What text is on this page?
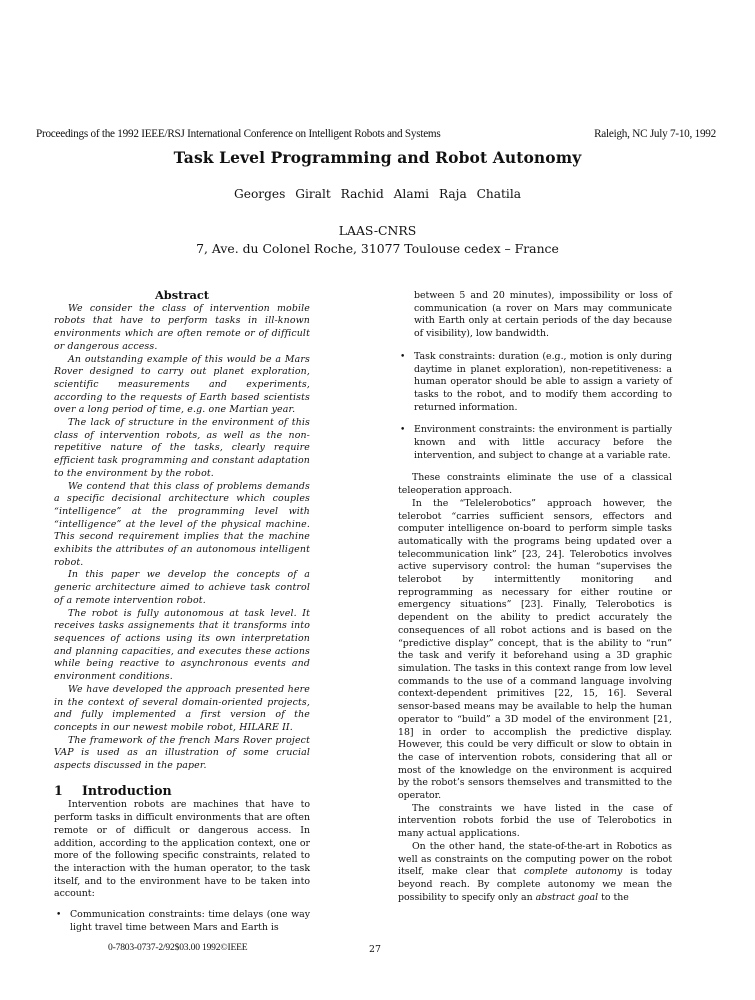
Proceedings of the 1992 IEEE/RSJ International Conference on Intelligent Robots and Systems	Raleigh, NC July 7-10, 1992
Task Level Programming and Robot Autonomy
Georges Giralt Rachid Alami Raja Chatila
LAAS-CNRS
7, Ave. du Colonel Roche, 31077 Toulouse cedex – France
Abstract

We consider the class of intervention mobile robots that have to perform tasks in ill-known environments which are often remote or of difficult or dangerous access.

An outstanding example of this would be a Mars Rover designed to carry out planet exploration, scientific measurements and experiments, according to the requests of Earth based scientists over a long period of time, e.g. one Martian year.

The lack of structure in the environment of this class of intervention robots, as well as the non-repetitive nature of the tasks, clearly require efficient task programming and constant adaptation to the environment by the robot.

We contend that this class of problems demands a specific decisional architecture which couples “intelligence” at the programming level with “intelligence” at the level of the physical machine. This second requirement implies that the machine exhibits the attributes of an autonomous intelligent robot.

In this paper we develop the concepts of a generic architecture aimed to achieve task control of a remote intervention robot.

The robot is fully autonomous at task level. It receives tasks assignements that it transforms into sequences of actions using its own interpretation and planning capacities, and executes these actions while being reactive to asynchronous events and environment conditions.

We have developed the approach presented here in the context of several domain-oriented projects, and fully implemented a first version of the concepts in our newest mobile robot, HILARE II.

The framework of the french Mars Rover project VAP is used as an illustration of some crucial aspects discussed in the paper.

1 Introduction

Intervention robots are machines that have to perform tasks in difficult environments that are often remote or of difficult or dangerous access. In addition, according to the application context, one or more of the following specific constraints, related to the interaction with the human operator, to the task itself, and to the environment have to be taken into account:

• Communication constraints: time delays (one way light travel time between Mars and Earth is
between 5 and 20 minutes), impossibility or loss of communication (a rover on Mars may communicate with Earth only at certain periods of the day because of visibility), low bandwidth.
• Task constraints: duration (e.g., motion is only during daytime in planet exploration), non-repetitiveness: a human operator should be able to assign a variety of tasks to the robot, and to modify them according to returned information.
• Environment constraints: the environment is partially known and with little accuracy before the intervention, and subject to change at a variable rate.

These constraints eliminate the use of a classical teleoperation approach.

In the “Telelerobotics” approach however, the telerobot “carries sufficient sensors, effectors and computer intelligence on-board to perform simple tasks automatically with the programs being updated over a telecommunication link” [23, 24]. Telerobotics involves active supervisory control: the human “supervises the telerobot by intermittently monitoring and reprogramming as necessary for either routine or emergency situations” [23]. Finally, Telerobotics is dependent on the ability to predict accurately the consequences of all robot actions and is based on the “predictive display” concept, that is the ability to “run” the task and verify it beforehand using a 3D graphic simulation. The tasks in this context range from low level commands to the use of a command language involving context-dependent primitives [22, 15, 16]. Several sensor-based means may be available to help the human operator to “build” a 3D model of the environment [21, 18] in order to accomplish the predictive display. However, this could be very difficult or slow to obtain in the case of intervention robots, considering that all or most of the knowledge on the environment is acquired by the robot’s sensors themselves and transmitted to the operator.

The constraints we have listed in the case of intervention robots forbid the use of Telerobotics in many actual applications.

On the other hand, the state-of-the-art in Robotics as well as constraints on the computing power on the robot itself, make clear that complete autonomy is today beyond reach. By complete autonomy we mean the possibility to specify only an abstract goal to the

0-7803-0737-2/92$03.00 1992©IEEE	27
